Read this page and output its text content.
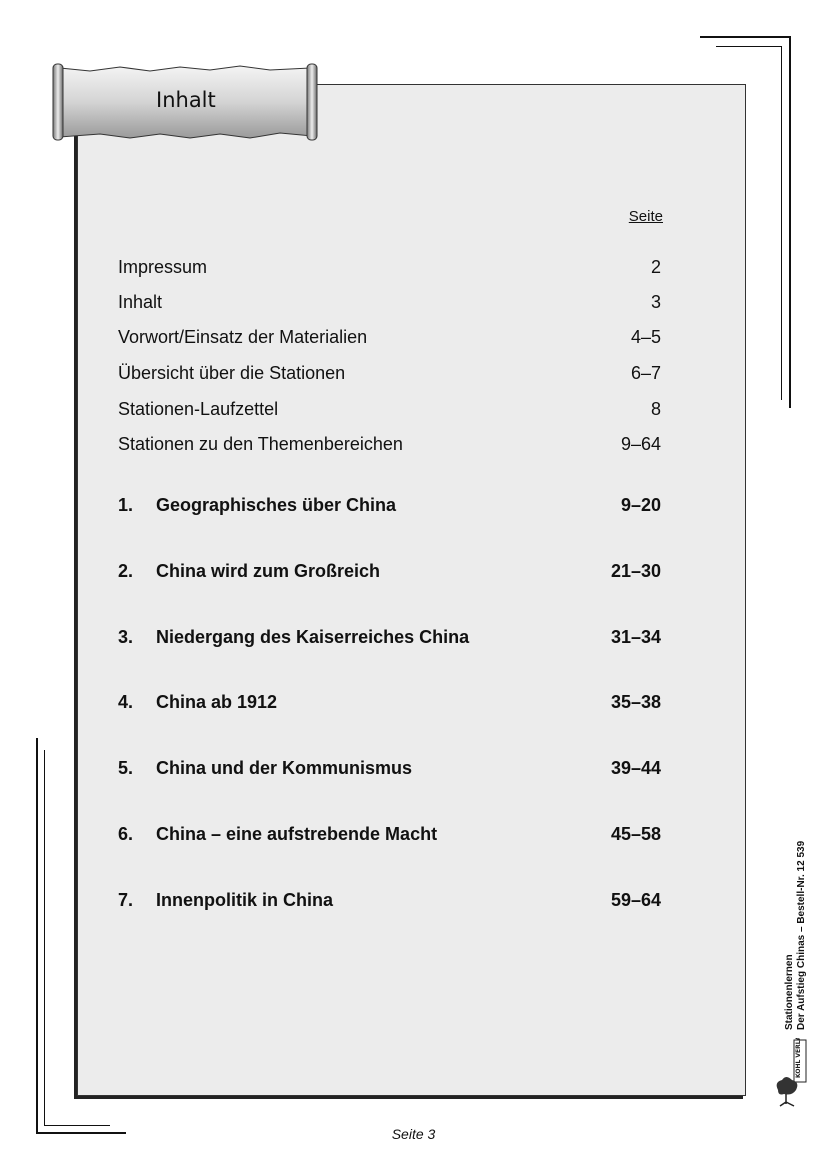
Inhalt
Seite
Impressum	2
Inhalt	3
Vorwort/Einsatz der Materialien	4–5
Übersicht über die Stationen	6–7
Stationen-Laufzettel	8
Stationen zu den Themenbereichen	9–64
1. Geographisches über China	9–20
2. China wird zum Großreich	21–30
3. Niedergang des Kaiserreiches China	31–34
4. China ab 1912	35–38
5. China und der Kommunismus	39–44
6. China – eine aufstrebende Macht	45–58
7. Innenpolitik in China	59–64
Stationenlernen Der Aufstieg Chinas – Bestell-Nr. 12 539
KOHL VERLAG
Seite 3
